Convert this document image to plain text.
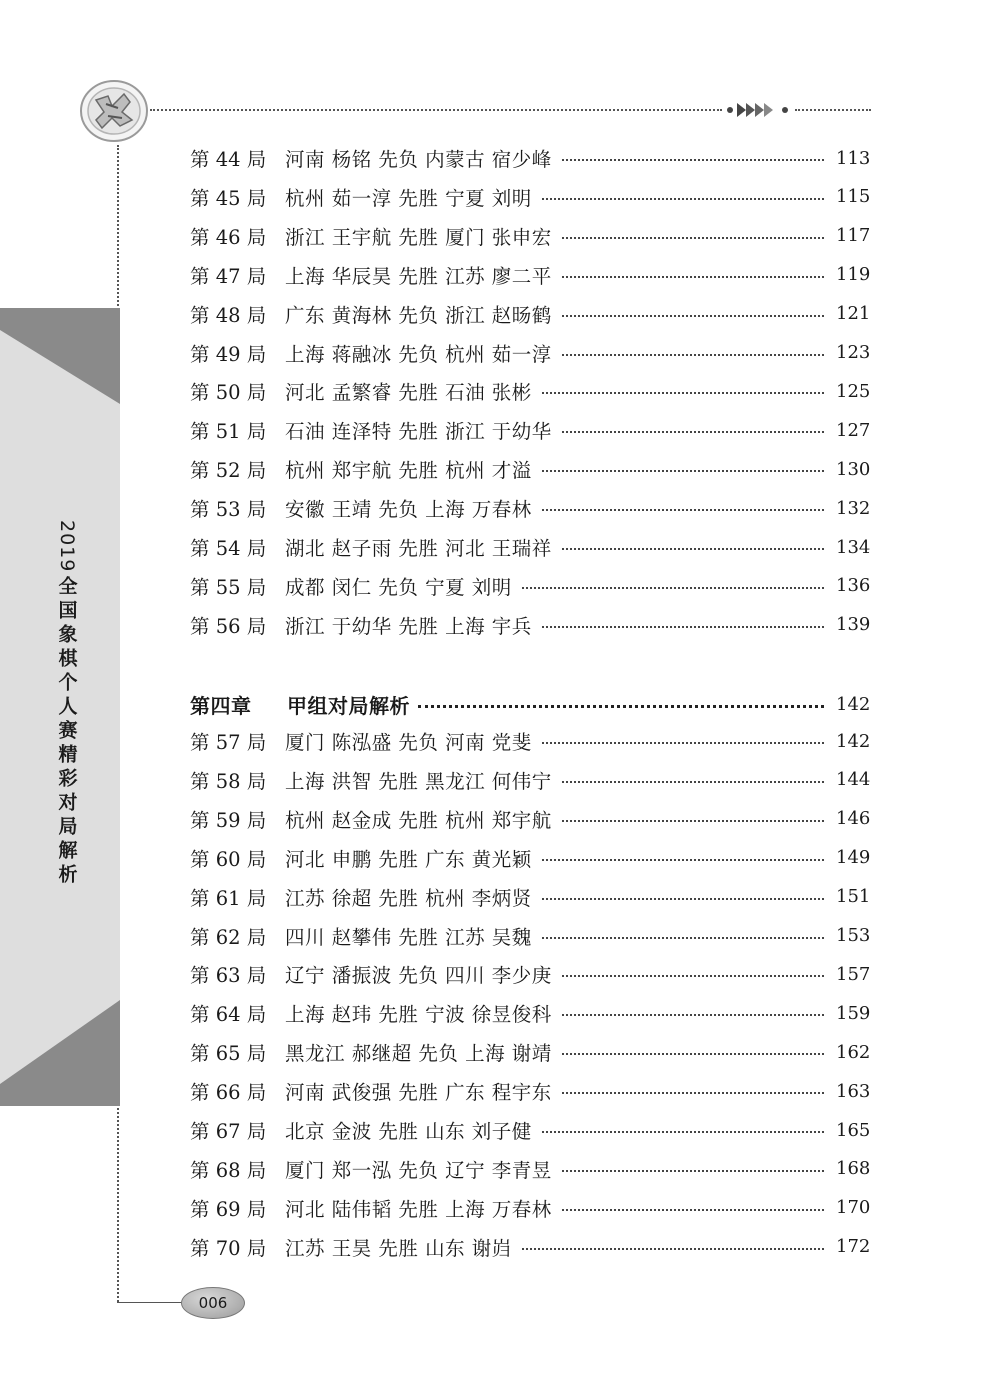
2019
全国象棋个人赛精彩对局解析
006
第 44 局 河南 杨铭 先负 内蒙古 宿少峰	113
第 45 局 杭州 茹一淳 先胜 宁夏 刘明	115
第 46 局 浙江 王宇航 先胜 厦门 张申宏	117
第 47 局 上海 华辰昊 先胜 江苏 廖二平	119
第 48 局 广东 黄海林 先负 浙江 赵旸鹤	121
第 49 局 上海 蒋融冰 先负 杭州 茹一淳	123
第 50 局 河北 孟繁睿 先胜 石油 张彬	125
第 51 局 石油 连泽特 先胜 浙江 于幼华	127
第 52 局 杭州 郑宇航 先胜 杭州 才溢	130
第 53 局 安徽 王靖 先负 上海 万春林	132
第 54 局 湖北 赵子雨 先胜 河北 王瑞祥	134
第 55 局 成都 闵仁 先负 宁夏 刘明	136
第 56 局 浙江 于幼华 先胜 上海 宇兵	139
第四章	甲组对局解析	142
第 57 局 厦门 陈泓盛 先负 河南 党斐	142
第 58 局 上海 洪智 先胜 黑龙江 何伟宁	144
第 59 局 杭州 赵金成 先胜 杭州 郑宇航	146
第 60 局 河北 申鹏 先胜 广东 黄光颖	149
第 61 局 江苏 徐超 先胜 杭州 李炳贤	151
第 62 局 四川 赵攀伟 先胜 江苏 吴魏	153
第 63 局 辽宁 潘振波 先负 四川 李少庚	157
第 64 局 上海 赵玮 先胜 宁波 徐昱俊科	159
第 65 局 黑龙江 郝继超 先负 上海 谢靖	162
第 66 局 河南 武俊强 先胜 广东 程宇东	163
第 67 局 北京 金波 先胜 山东 刘子健	165
第 68 局 厦门 郑一泓 先负 辽宁 李青昱	168
第 69 局 河北 陆伟韬 先胜 上海 万春林	170
第 70 局 江苏 王昊 先胜 山东 谢岿	172
